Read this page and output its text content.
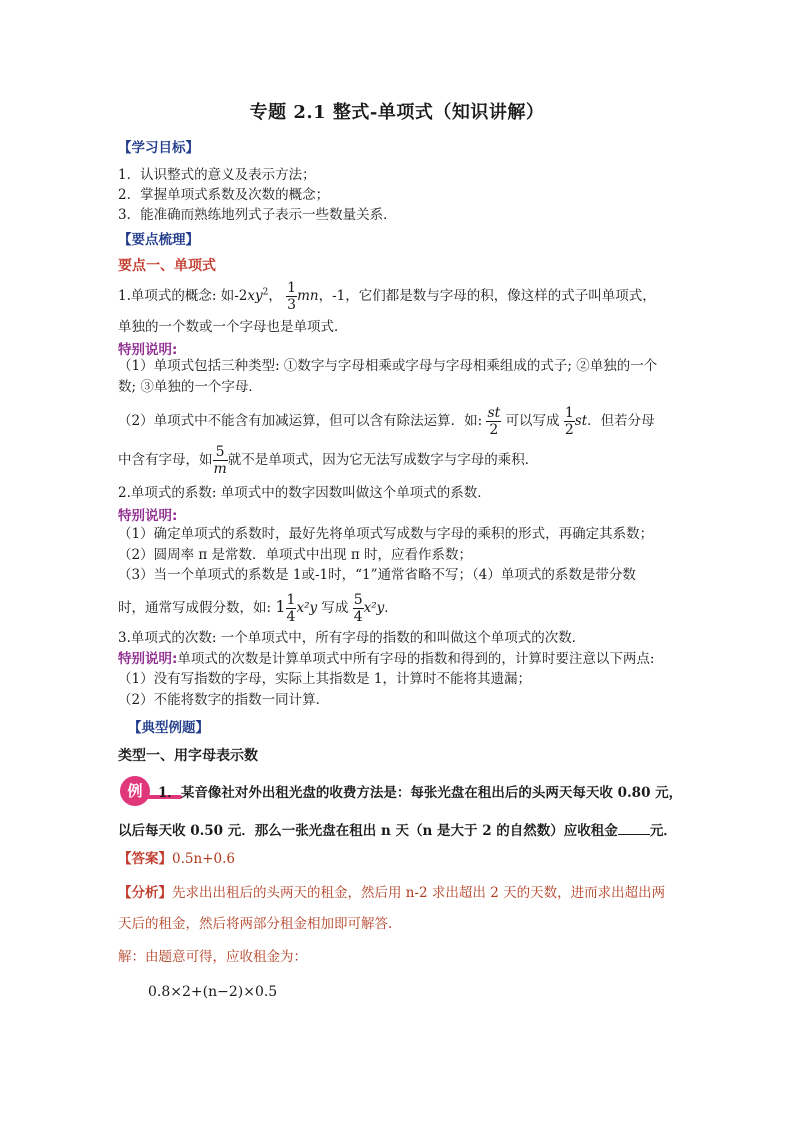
专题 2.1 整式-单项式（知识讲解）
【学习目标】
1．认识整式的意义及表示方法；
2．掌握单项式系数及次数的概念；
3．能准确而熟练地列式子表示一些数量关系．
【要点梳理】
要点一、单项式
1.单项式的概念: 如$-2xy^2$， $\frac{1}{3}$ mn，-1，它们都是数与字母的积，像这样的式子叫单项式，
单独的一个数或一个字母也是单项式．
特别说明:
（1）单项式包括三种类型: ①数字与字母相乘或字母与字母相乘组成的式子; ②单独的一个
数; ③单独的一个字母．
（2）单项式中不能含有加减运算，但可以含有除法运算．如: $\frac{st}{2}$ 可以写成 $\frac{1}{2}$ st．但若分母
中含有字母，如 $\frac{5}{m}$ 就不是单项式，因为它无法写成数字与字母的乘积．
2.单项式的系数: 单项式中的数字因数叫做这个单项式的系数．
特别说明:
（1）确定单项式的系数时，最好先将单项式写成数与字母的乘积的形式，再确定其系数；
（2）圆周率 π 是常数．单项式中出现 π 时，应看作系数；
（3）当一个单项式的系数是 1或-1时，“1”通常省略不写；（4）单项式的系数是带分数
时，通常写成假分数，如: $1 \frac{1}{4} x^2y$ 写成 $\frac{5}{4} x^2y$．
3.单项式的次数: 一个单项式中，所有字母的指数的和叫做这个单项式的次数．
特别说明:单项式的次数是计算单项式中所有字母的指数和得到的，计算时要注意以下两点:
（1）没有写指数的字母，实际上其指数是 1，计算时不能将其遗漏；
（2）不能将数字的指数一同计算．
【典型例题】
类型一、用字母表示数
例	1．某音像社对外出租光盘的收费方法是：每张光盘在租出后的头两天每天收 0.80 元，
以后每天收 0.50 元．那么一张光盘在租出 n 天（n 是大于 2 的自然数）应收租金 元．
【答案】0.5n+0.6
【分析】先求出出租后的头两天的租金，然后用 n-2 求出超出 2 天的天数，进而求出超出两
天后的租金，然后将两部分租金相加即可解答.
解：由题意可得，应收租金为：
0.8×2+(n−2)×0.5
